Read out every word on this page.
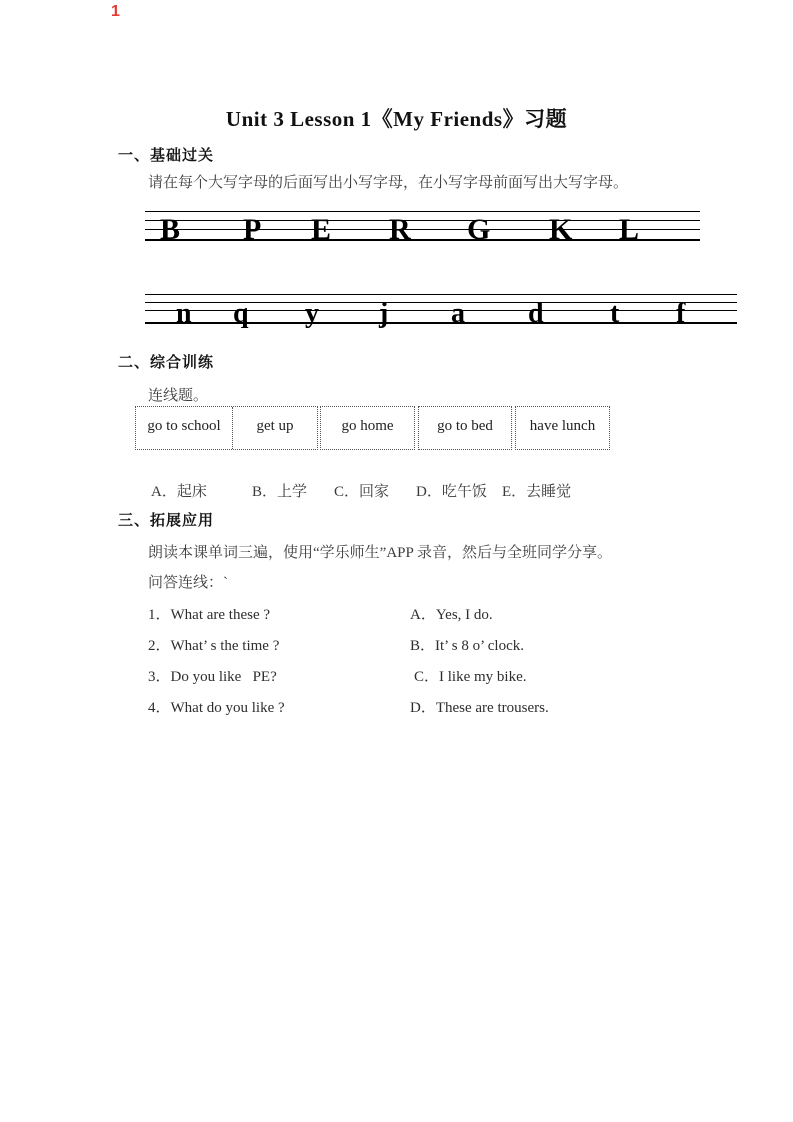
1
Unit 3 Lesson 1《My Friends》习题
一、基础过关
请在每个大写字母的后面写出小写字母，在小写字母前面写出大写字母。
B P E R G K L
n q y j a d t f
二、综合训练
连线题。
go to school	get up	go home	go to bed	have lunch
A．起床	B．上学 C．回家 D．吃午饭 E．去睡觉
三、拓展应用
朗读本课单词三遍，使用“学乐师生”APP 录音，然后与全班同学分享。
问答连线：`
1．What are these ?	A．Yes, I do.
2．What’ s the time ?	B．It’ s 8 o’ clock.
3．Do you like   PE?	C．I like my bike.
4．What do you like ?	D．These are trousers.
